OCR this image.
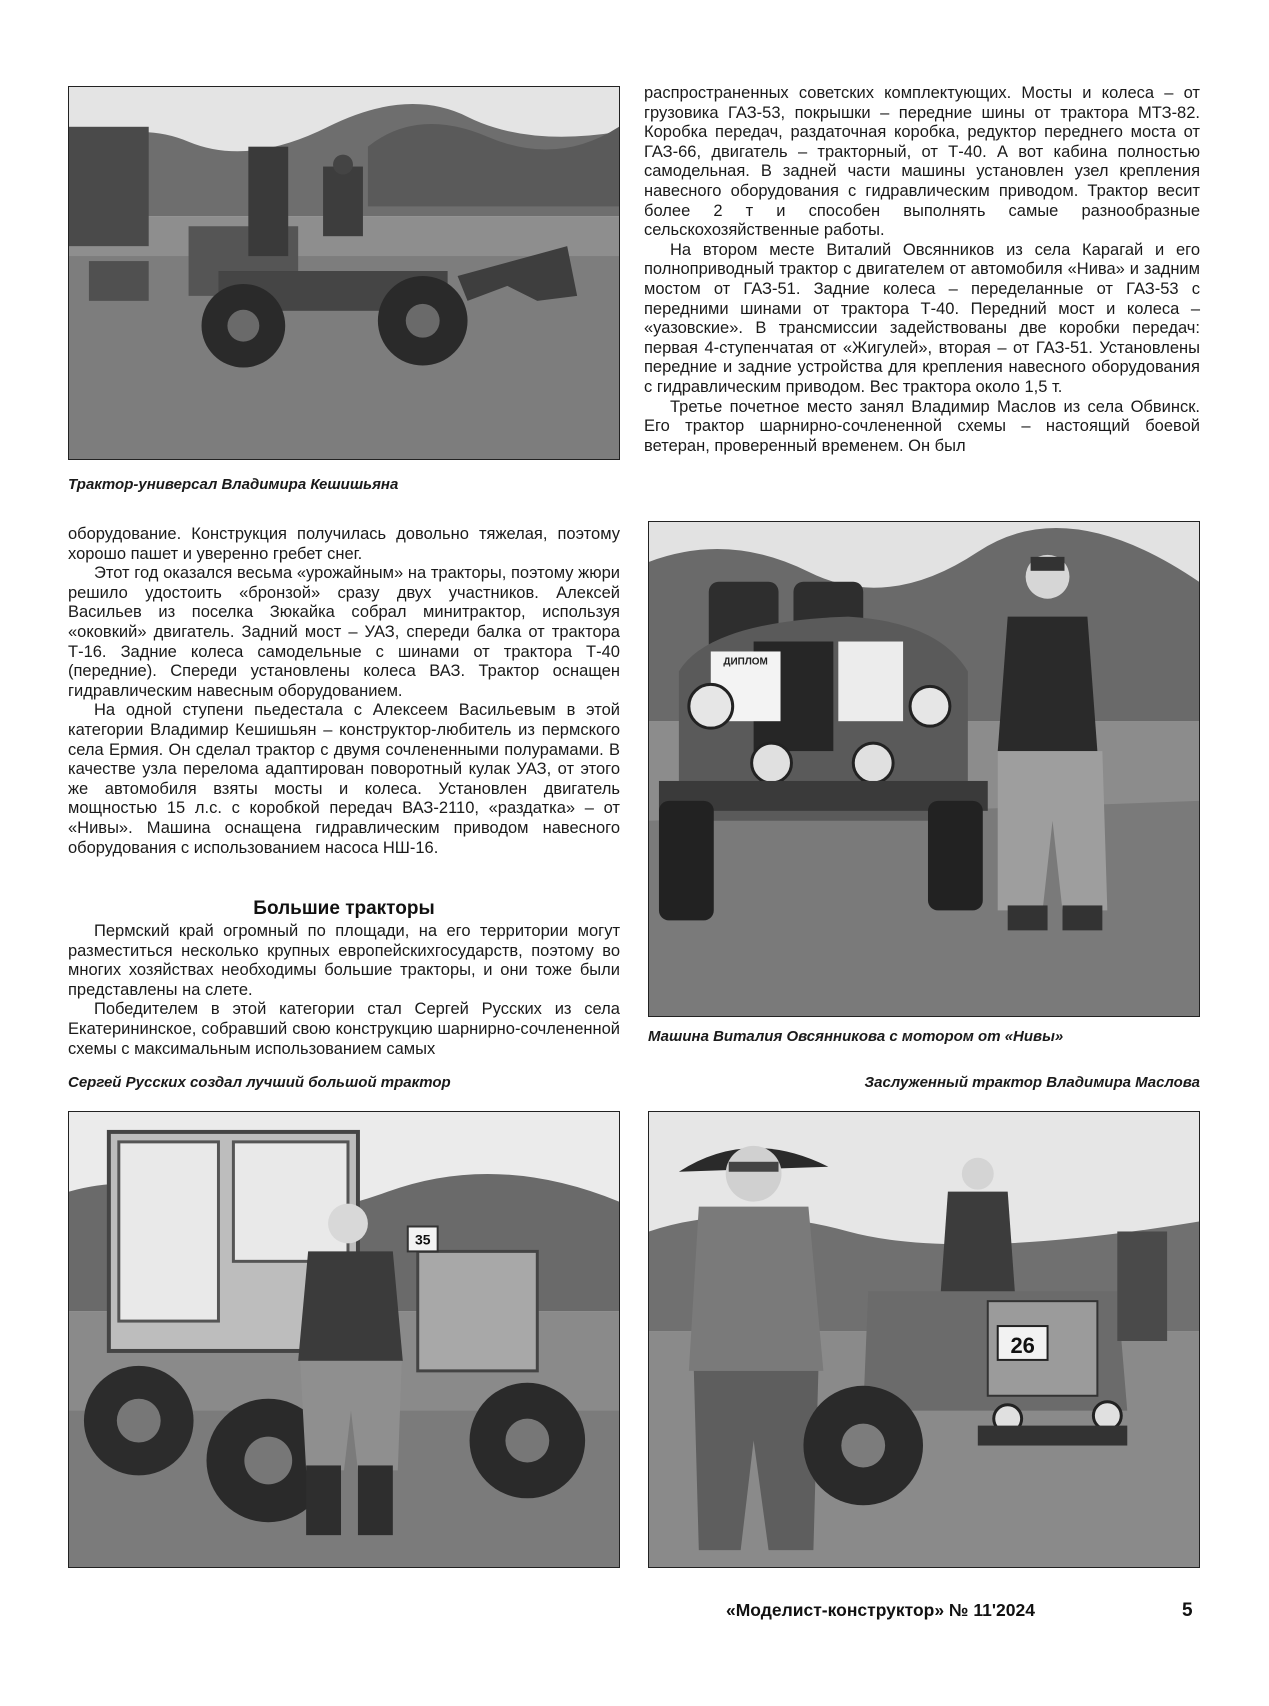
Трактор-универсал Владимира Кешишьяна

распространенных советских комплектующих. Мосты и колеса – от грузовика ГАЗ-53, покрышки – передние шины от трактора МТЗ-82. Коробка передач, раздаточная коробка, редуктор переднего моста от ГАЗ-66, двигатель – тракторный, от Т-40. А вот кабина полностью самодельная. В задней части машины установлен узел крепления навесного оборудования с гидравлическим приводом. Трактор весит более 2 т и способен выполнять самые разнообразные сельскохозяйственные работы.

На втором месте Виталий Овсянников из села Карагай и его полноприводный трактор с двигателем от автомобиля «Нива» и задним мостом от ГАЗ-51. Задние колеса – переделанные от ГАЗ-53 с передними шинами от трактора Т-40. Передний мост и колеса – «уазовские». В трансмиссии задействованы две коробки передач: первая 4-ступенчатая от «Жигулей», вторая – от ГАЗ-51. Установлены передние и задние устройства для крепления навесного оборудования с гидравлическим приводом. Вес трактора около 1,5 т.

Третье почетное место занял Владимир Маслов из села Обвинск. Его трактор шарнирно-сочлененной схемы – настоящий боевой ветеран, проверенный временем. Он был

оборудование. Конструкция получилась довольно тяжелая, поэтому хорошо пашет и уверенно гребет снег.

Этот год оказался весьма «урожайным» на тракторы, поэтому жюри решило удостоить «бронзой» сразу двух участников. Алексей Васильев из поселка Зюкайка собрал минитрактор, используя «оковкий» двигатель. Задний мост – УАЗ, спереди балка от трактора Т-16. Задние колеса самодельные с шинами от трактора Т-40 (передние). Спереди установлены колеса ВАЗ. Трактор оснащен гидравлическим навесным оборудованием.

На одной ступени пьедестала с Алексеем Васильевым в этой категории Владимир Кешишьян – конструктор-любитель из пермского села Ермия. Он сделал трактор с двумя сочлененными полурамами. В качестве узла перелома адаптирован поворотный кулак УАЗ, от этого же автомобиля взяты мосты и колеса. Установлен двигатель мощностью 15 л.с. с коробкой передач ВАЗ-2110, «раздатка» – от «Нивы». Машина оснащена гидравлическим приводом навесного оборудования с использованием насоса НШ-16.

Большие тракторы

Пермский край огромный по площади, на его территории могут разместиться несколько крупных европейскихгосударств, поэтому во многих хозяйствах необходимы большие тракторы, и они тоже были представлены на слете.

Победителем в этой категории стал Сергей Русских из села Екатерининское, собравший свою конструкцию шарнирно-сочлененной схемы с максимальным использованием самых

ДИПЛОМ
Машина Виталия Овсянникова с мотором от «Нивы»
Сергей Русских создал лучший большой трактор	Заслуженный трактор Владимира Маслова
35
26
«Моделист-конструктор» № 11'2024	5
